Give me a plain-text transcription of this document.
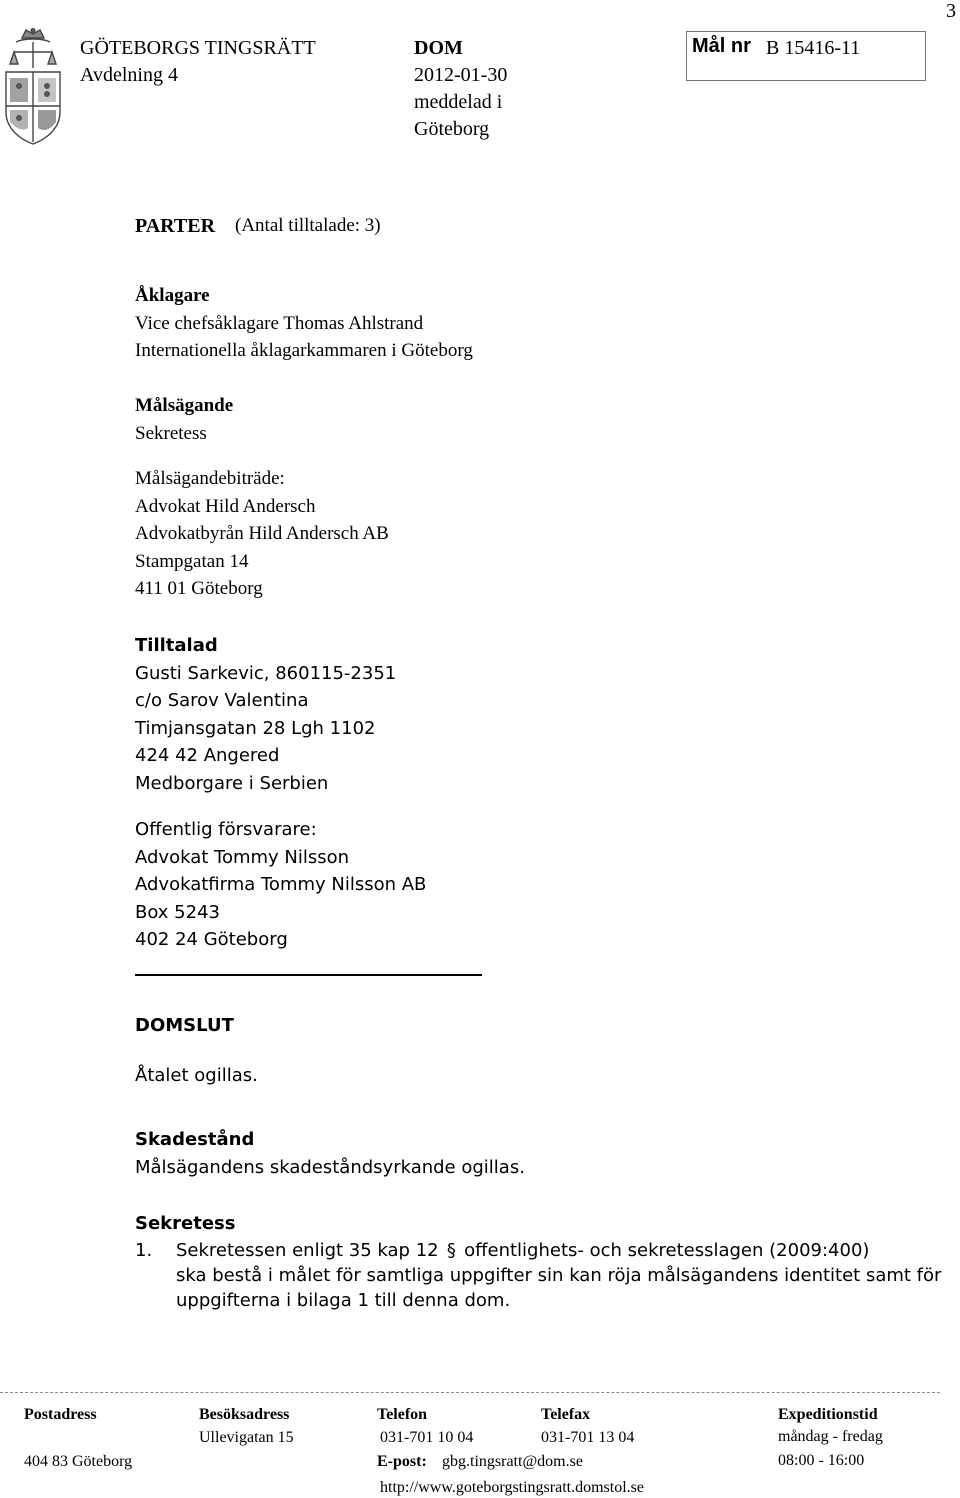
3
GÖTEBORGS TINGSRÄTT
Avdelning 4
DOM
2012-01-30
meddelad i
Göteborg
Mål nr B 15416-11
PARTER (Antal tilltalade: 3)
Åklagare
Vice chefsåklagare Thomas Ahlstrand
Internationella åklagarkammaren i Göteborg
Målsägande
Sekretess
Målsägandebiträde:
Advokat Hild Andersch
Advokatbyrån Hild Andersch AB
Stampgatan 14
411 01 Göteborg
Tilltalad
Gusti Sarkevic, 860115-2351
c/o Sarov Valentina
Timjansgatan 28 Lgh 1102
424 42 Angered
Medborgare i Serbien
Offentlig försvarare:
Advokat Tommy Nilsson
Advokatfirma Tommy Nilsson AB
Box 5243
402 24 Göteborg
DOMSLUT
Åtalet ogillas.
Skadestånd
Målsägandens skadeståndsyrkande ogillas.
Sekretess
1. Sekretessen enligt 35 kap 12 § offentlighets- och sekretesslagen (2009:400)
ska bestå i målet för samtliga uppgifter sin kan röja målsägandens identitet samt för
uppgifterna i bilaga 1 till denna dom.
Postadress
404 83 Göteborg
Besöksadress
Ullevigatan 15
Telefon
031-701 10 04
E-post: gbg.tingsratt@dom.se
http://www.goteborgstingsratt.domstol.se
Telefax
031-701 13 04
Expeditionstid
måndag - fredag
08:00 - 16:00
